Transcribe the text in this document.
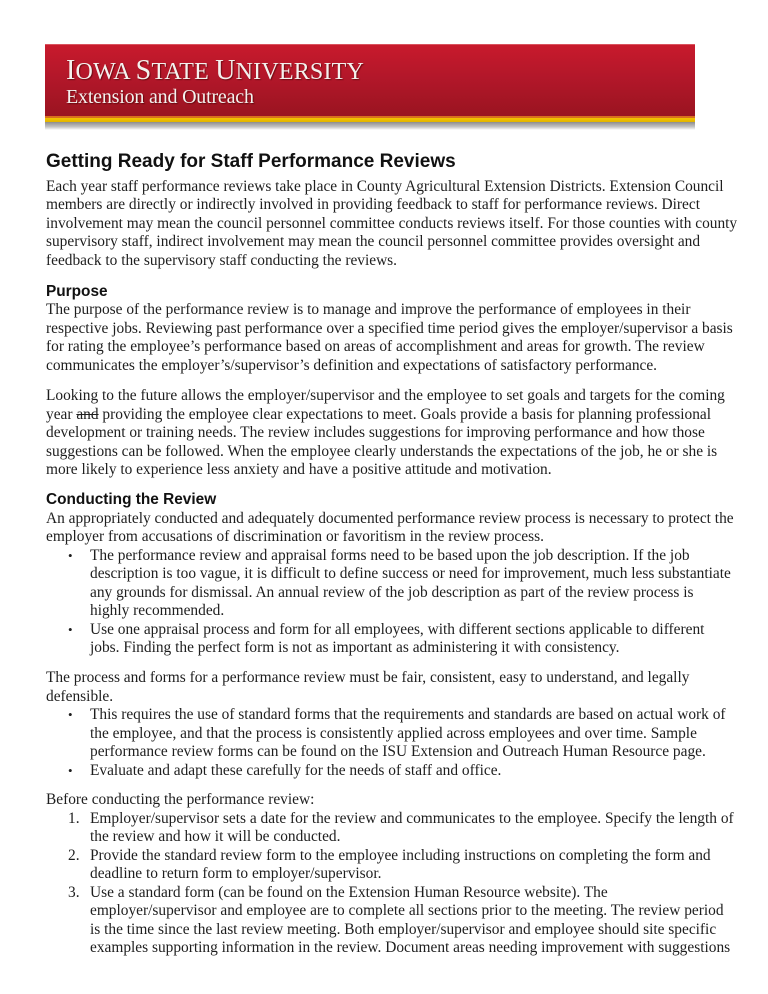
IOWA STATE UNIVERSITY
Extension and Outreach
Getting Ready for Staff Performance Reviews
Each year staff performance reviews take place in County Agricultural Extension Districts. Extension Council
members are directly or indirectly involved in providing feedback to staff for performance reviews. Direct
involvement may mean the council personnel committee conducts reviews itself. For those counties with county
supervisory staff, indirect involvement may mean the council personnel committee provides oversight and
feedback to the supervisory staff conducting the reviews.
Purpose
The purpose of the performance review is to manage and improve the performance of employees in their
respective jobs. Reviewing past performance over a specified time period gives the employer/supervisor a basis
for rating the employee’s performance based on areas of accomplishment and areas for growth. The review
communicates the employer’s/supervisor’s definition and expectations of satisfactory performance.
Looking to the future allows the employer/supervisor and the employee to set goals and targets for the coming
year and providing the employee clear expectations to meet. Goals provide a basis for planning professional
development or training needs. The review includes suggestions for improving performance and how those
suggestions can be followed. When the employee clearly understands the expectations of the job, he or she is
more likely to experience less anxiety and have a positive attitude and motivation.
Conducting the Review
An appropriately conducted and adequately documented performance review process is necessary to protect the
employer from accusations of discrimination or favoritism in the review process.
• The performance review and appraisal forms need to be based upon the job description. If the job
description is too vague, it is difficult to define success or need for improvement, much less substantiate
any grounds for dismissal. An annual review of the job description as part of the review process is
highly recommended.
• Use one appraisal process and form for all employees, with different sections applicable to different
jobs. Finding the perfect form is not as important as administering it with consistency.
The process and forms for a performance review must be fair, consistent, easy to understand, and legally
defensible.
• This requires the use of standard forms that the requirements and standards are based on actual work of
the employee, and that the process is consistently applied across employees and over time. Sample
performance review forms can be found on the ISU Extension and Outreach Human Resource page.
• Evaluate and adapt these carefully for the needs of staff and office.
Before conducting the performance review:
1. Employer/supervisor sets a date for the review and communicates to the employee. Specify the length of
the review and how it will be conducted.
2. Provide the standard review form to the employee including instructions on completing the form and
deadline to return form to employer/supervisor.
3. Use a standard form (can be found on the Extension Human Resource website). The
employer/supervisor and employee are to complete all sections prior to the meeting. The review period
is the time since the last review meeting. Both employer/supervisor and employee should site specific
examples supporting information in the review. Document areas needing improvement with suggestions
